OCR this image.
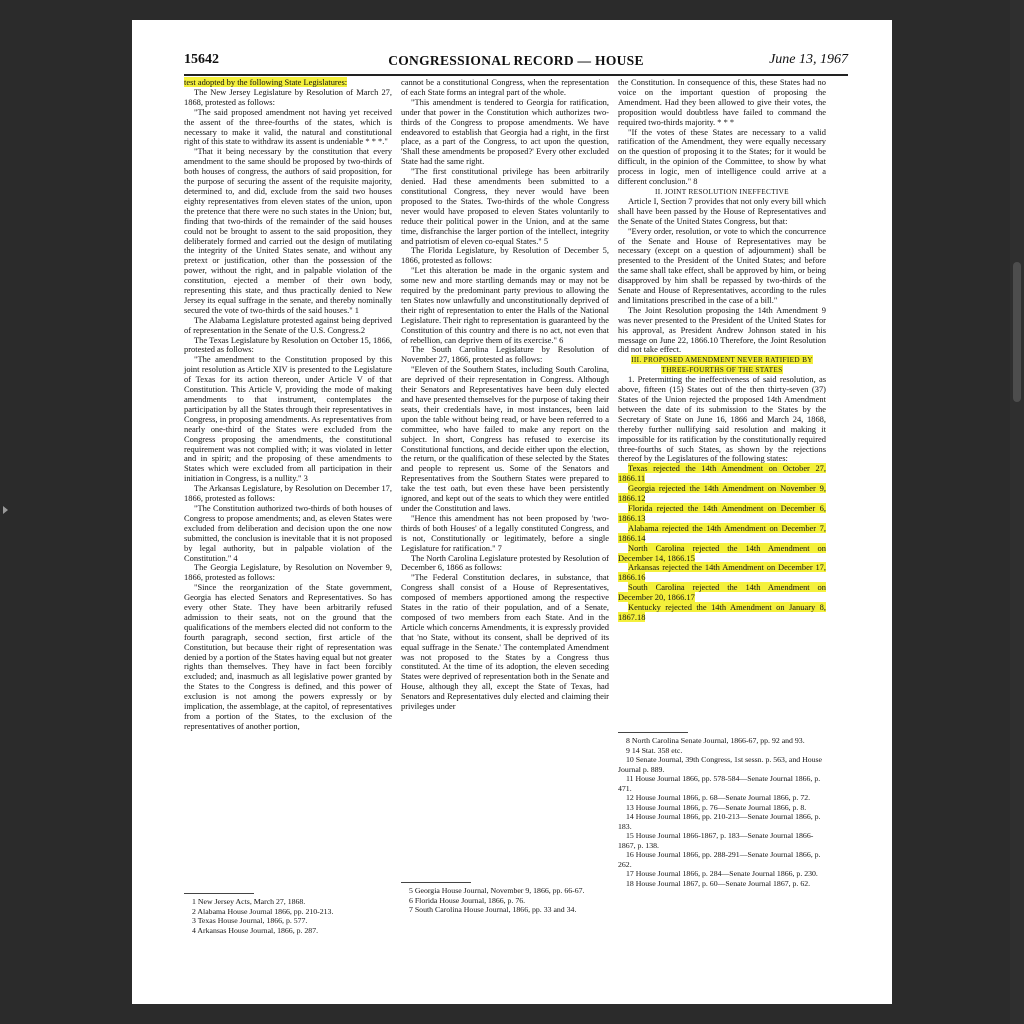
15642	CONGRESSIONAL RECORD — HOUSE	June 13, 1967

test adopted by the following State Legislatures:

The New Jersey Legislature by Resolution of March 27, 1868, protested as follows:

"The said proposed amendment not having yet received the assent of the three-fourths of the states, which is necessary to make it valid, the natural and constitutional right of this state to withdraw its assent is undeniable * * *."

"That it being necessary by the constitution that every amendment to the same should be proposed by two-thirds of both houses of congress, the authors of said proposition, for the purpose of securing the assent of the requisite majority, determined to, and did, exclude from the said two houses eighty representatives from eleven states of the union, upon the pretence that there were no such states in the Union; but, finding that two-thirds of the remainder of the said houses could not be brought to assent to the said proposition, they deliberately formed and carried out the design of mutilating the integrity of the United States senate, and without any pretext or justification, other than the possession of the power, without the right, and in palpable violation of the constitution, ejected a member of their own body, representing this state, and thus practically denied to New Jersey its equal suffrage in the senate, and thereby nominally secured the vote of two-thirds of the said houses." 1

The Alabama Legislature protested against being deprived of representation in the Senate of the U.S. Congress.2

The Texas Legislature by Resolution on October 15, 1866, protested as follows:

"The amendment to the Constitution proposed by this joint resolution as Article XIV is presented to the Legislature of Texas for its action thereon, under Article V of that Constitution. This Article V, providing the mode of making amendments to that instrument, contemplates the participation by all the States through their representatives in Congress, in proposing amendments. As representatives from nearly one-third of the States were excluded from the Congress proposing the amendments, the constitutional requirement was not complied with; it was violated in letter and in spirit; and the proposing of these amendments to States which were excluded from all participation in their initiation in Congress, is a nullity." 3

The Arkansas Legislature, by Resolution on December 17, 1866, protested as follows:

"The Constitution authorized two-thirds of both houses of Congress to propose amendments; and, as eleven States were excluded from deliberation and decision upon the one now submitted, the conclusion is inevitable that it is not proposed by legal authority, but in palpable violation of the Constitution." 4

The Georgia Legislature, by Resolution on November 9, 1866, protested as follows:

"Since the reorganization of the State government, Georgia has elected Senators and Representatives. So has every other State. They have been arbitrarily refused admission to their seats, not on the ground that the qualifications of the members elected did not conform to the fourth paragraph, second section, first article of the Constitution, but because their right of representation was denied by a portion of the States having equal but not greater rights than themselves. They have in fact been forcibly excluded; and, inasmuch as all legislative power granted by the States to the Congress is defined, and this power of exclusion is not among the powers expressly or by implication, the assemblage, at the capitol, of representatives from a portion of the States, to the exclusion of the representatives of another portion,

cannot be a constitutional Congress, when the representation of each State forms an integral part of the whole.

"This amendment is tendered to Georgia for ratification, under that power in the Constitution which authorizes two-thirds of the Congress to propose amendments. We have endeavored to establish that Georgia had a right, in the first place, as a part of the Congress, to act upon the question, 'Shall these amendments be proposed?' Every other excluded State had the same right.

"The first constitutional privilege has been arbitrarily denied. Had these amendments been submitted to a constitutional Congress, they never would have been proposed to the States. Two-thirds of the whole Congress never would have proposed to eleven States voluntarily to reduce their political power in the Union, and at the same time, disfranchise the larger portion of the intellect, integrity and patriotism of eleven co-equal States." 5

The Florida Legislature, by Resolution of December 5, 1866, protested as follows:

"Let this alteration be made in the organic system and some new and more startling demands may or may not be required by the predominant party previous to allowing the ten States now unlawfully and unconstitutionally deprived of their right of representation to enter the Halls of the National Legislature. Their right to representation is guaranteed by the Constitution of this country and there is no act, not even that of rebellion, can deprive them of its exercise." 6

The South Carolina Legislature by Resolution of November 27, 1866, protested as follows:

"Eleven of the Southern States, including South Carolina, are deprived of their representation in Congress. Although their Senators and Representatives have been duly elected and have presented themselves for the purpose of taking their seats, their credentials have, in most instances, been laid upon the table without being read, or have been referred to a committee, who have failed to make any report on the subject. In short, Congress has refused to exercise its Constitutional functions, and decide either upon the election, the return, or the qualification of these selected by the States and people to represent us. Some of the Senators and Representatives from the Southern States were prepared to take the test oath, but even these have been persistently ignored, and kept out of the seats to which they were entitled under the Constitution and laws.

"Hence this amendment has not been proposed by 'two-thirds of both Houses' of a legally constituted Congress, and is not, Constitutionally or legitimately, before a single Legislature for ratification." 7

The North Carolina Legislature protested by Resolution of December 6, 1866 as follows:

"The Federal Constitution declares, in substance, that Congress shall consist of a House of Representatives, composed of members apportioned among the respective States in the ratio of their population, and of a Senate, composed of two members from each State. And in the Article which concerns Amendments, it is expressly provided that 'no State, without its consent, shall be deprived of its equal suffrage in the Senate.' The contemplated Amendment was not proposed to the States by a Congress thus constituted. At the time of its adoption, the eleven seceding States were deprived of representation both in the Senate and House, although they all, except the State of Texas, had Senators and Representatives duly elected and claiming their privileges under

the Constitution. In consequence of this, these States had no voice on the important question of proposing the Amendment. Had they been allowed to give their votes, the proposition would doubtless have failed to command the required two-thirds majority. * * *

"If the votes of these States are necessary to a valid ratification of the Amendment, they were equally necessary on the question of proposing it to the States; for it would be difficult, in the opinion of the Committee, to show by what process in logic, men of intelligence could arrive at a different conclusion." 8

II. JOINT RESOLUTION INEFFECTIVE

Article I, Section 7 provides that not only every bill which shall have been passed by the House of Representatives and the Senate of the United States Congress, but that:

"Every order, resolution, or vote to which the concurrence of the Senate and House of Representatives may be necessary (except on a question of adjournment) shall be presented to the President of the United States; and before the same shall take effect, shall be approved by him, or being disapproved by him shall be repassed by two-thirds of the Senate and House of Representatives, according to the rules and limitations prescribed in the case of a bill."

The Joint Resolution proposing the 14th Amendment 9 was never presented to the President of the United States for his approval, as President Andrew Johnson stated in his message on June 22, 1866.10 Therefore, the Joint Resolution did not take effect.

III. PROPOSED AMENDMENT NEVER RATIFIED BY THREE-FOURTHS OF THE STATES

1. Pretermitting the ineffectiveness of said resolution, as above, fifteen (15) States out of the then thirty-seven (37) States of the Union rejected the proposed 14th Amendment between the date of its submission to the States by the Secretary of State on June 16, 1866 and March 24, 1868, thereby further nullifying said resolution and making it impossible for its ratification by the constitutionally required three-fourths of such States, as shown by the rejections thereof by the Legislatures of the following states:

Texas rejected the 14th Amendment on October 27, 1866.11

Georgia rejected the 14th Amendment on November 9, 1866.12

Florida rejected the 14th Amendment on December 6, 1866.13

Alabama rejected the 14th Amendment on December 7, 1866.14

North Carolina rejected the 14th Amendment on December 14, 1866.15

Arkansas rejected the 14th Amendment on December 17, 1866.16

South Carolina rejected the 14th Amendment on December 20, 1866.17

Kentucky rejected the 14th Amendment on January 8, 1867.18

1 New Jersey Acts, March 27, 1868.

2 Alabama House Journal 1866, pp. 210-213.

3 Texas House Journal, 1866, p. 577.

4 Arkansas House Journal, 1866, p. 287.

5 Georgia House Journal, November 9, 1866, pp. 66-67.

6 Florida House Journal, 1866, p. 76.

7 South Carolina House Journal, 1866, pp. 33 and 34.

8 North Carolina Senate Journal, 1866-67, pp. 92 and 93.

9 14 Stat. 358 etc.

10 Senate Journal, 39th Congress, 1st sessn. p. 563, and House Journal p. 889.

11 House Journal 1866, pp. 578-584—Senate Journal 1866, p. 471.

12 House Journal 1866, p. 68—Senate Journal 1866, p. 72.

13 House Journal 1866, p. 76—Senate Journal 1866, p. 8.

14 House Journal 1866, pp. 210-213—Senate Journal 1866, p. 183.

15 House Journal 1866-1867, p. 183—Senate Journal 1866-1867, p. 138.

16 House Journal 1866, pp. 288-291—Senate Journal 1866, p. 262.

17 House Journal 1866, p. 284—Senate Journal 1866, p. 230.

18 House Journal 1867, p. 60—Senate Journal 1867, p. 62.
